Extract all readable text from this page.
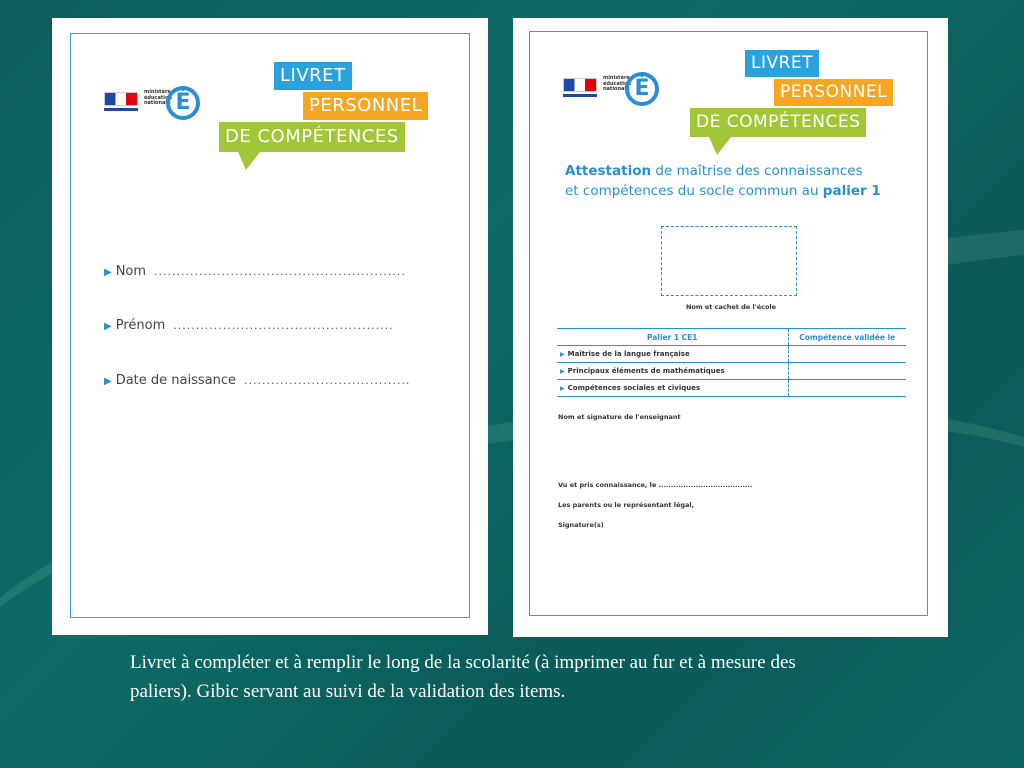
ministère
éducation
nationale É
LIVRET
PERSONNEL
DE COMPÉTENCES
▶ Nom ........................................................
▶ Prénom .................................................
▶ Date de naissance .....................................
ministère
éducation
nationale É
LIVRET
PERSONNEL
DE COMPÉTENCES
Attestation de maîtrise des connaissances
et compétences du socle commun au palier 1
Nom et cachet de l'école
Palier 1 CE1	Compétence validée le
▶ Maîtrise de la langue française	
▶ Principaux éléments de mathématiques	
▶ Compétences sociales et civiques	
Nom et signature de l'enseignant
Vu et pris connaissance, le ......................................
Les parents ou le représentant légal,
Signature(s)
Livret à compléter et à remplir le long de la scolarité (à imprimer au fur et à mesure des paliers). Gibic servant au suivi de la validation des items.
